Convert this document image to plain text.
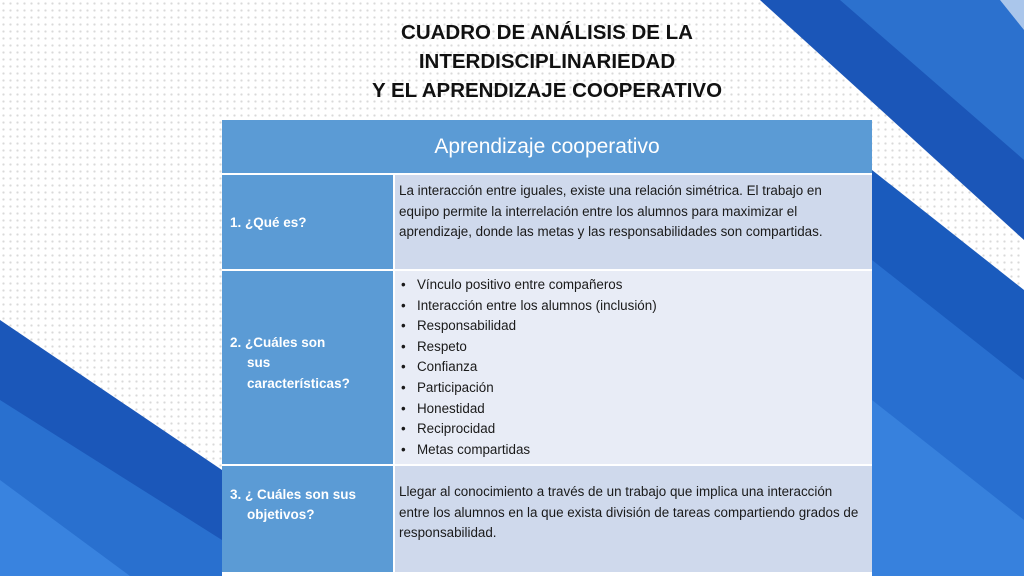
CUADRO DE ANÁLISIS DE LA
INTERDISCIPLINARIEDAD
Y EL APRENDIZAJE COOPERATIVO
Aprendizaje cooperativo
1. ¿Qué es?
La interacción entre iguales, existe una relación simétrica. El trabajo en equipo permite la interrelación entre los alumnos para maximizar el aprendizaje, donde las metas y las responsabilidades son compartidas.
2. ¿Cuáles son
sus
características?
• Vínculo positivo entre compañeros
• Interacción entre los alumnos (inclusión)
• Responsabilidad
• Respeto
• Confianza
• Participación
• Honestidad
• Reciprocidad
• Metas compartidas
3. ¿ Cuáles son sus
objetivos?
Llegar al conocimiento a través de un trabajo que implica una interacción entre los alumnos en la que exista división de tareas compartiendo grados de responsabilidad.
